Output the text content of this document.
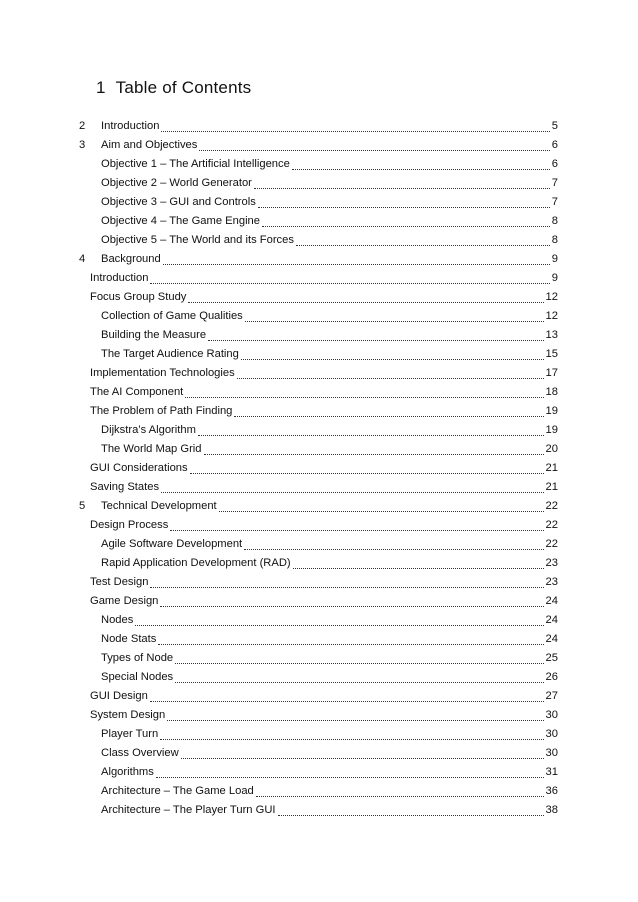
1 Table of Contents
2 Introduction	5
3 Aim and Objectives	6
Objective 1 – The Artificial Intelligence	6
Objective 2 – World Generator	7
Objective 3 – GUI and Controls	7
Objective 4 – The Game Engine	8
Objective 5 – The World and its Forces	8
4 Background	9
Introduction	9
Focus Group Study	12
Collection of Game Qualities	12
Building the Measure	13
The Target Audience Rating	15
Implementation Technologies	17
The AI Component	18
The Problem of Path Finding	19
Dijkstra’s Algorithm	19
The World Map Grid	20
GUI Considerations	21
Saving States	21
5 Technical Development	22
Design Process	22
Agile Software Development	22
Rapid Application Development (RAD)	23
Test Design	23
Game Design	24
Nodes	24
Node Stats	24
Types of Node	25
Special Nodes	26
GUI Design	27
System Design	30
Player Turn	30
Class Overview	30
Algorithms	31
Architecture – The Game Load	36
Architecture – The Player Turn GUI	38
